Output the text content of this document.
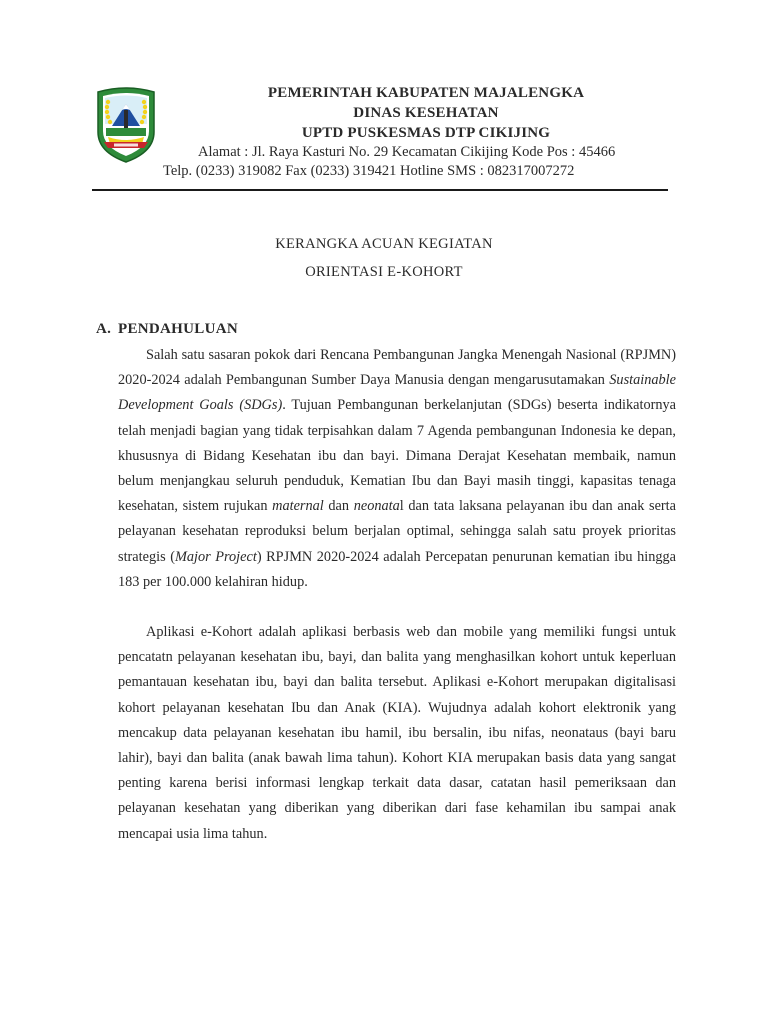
PEMERINTAH KABUPATEN MAJALENGKA
DINAS KESEHATAN
UPTD PUSKESMAS DTP CIKIJING
Alamat : Jl. Raya Kasturi No. 29 Kecamatan Cikijing Kode Pos : 45466
Telp. (0233) 319082 Fax (0233) 319421 Hotline SMS : 082317007272
KERANGKA ACUAN KEGIATAN
ORIENTASI E-KOHORT
A. PENDAHULUAN

Salah satu sasaran pokok dari Rencana Pembangunan Jangka Menengah Nasional (RPJMN) 2020-2024 adalah Pembangunan Sumber Daya Manusia dengan mengarusutamakan Sustainable Development Goals (SDGs). Tujuan Pembangunan berkelanjutan (SDGs) beserta indikatornya telah menjadi bagian yang tidak terpisahkan dalam 7 Agenda pembangunan Indonesia ke depan, khususnya di Bidang Kesehatan ibu dan bayi. Dimana Derajat Kesehatan membaik, namun belum menjangkau seluruh penduduk, Kematian Ibu dan Bayi masih tinggi, kapasitas tenaga kesehatan, sistem rujukan maternal dan neonatal dan tata laksana pelayanan ibu dan anak serta pelayanan kesehatan reproduksi belum berjalan optimal, sehingga salah satu proyek prioritas strategis (Major Project) RPJMN 2020-2024 adalah Percepatan penurunan kematian ibu hingga 183 per 100.000 kelahiran hidup.

Aplikasi e-Kohort adalah aplikasi berbasis web dan mobile yang memiliki fungsi untuk pencatatn pelayanan kesehatan ibu, bayi, dan balita yang menghasilkan kohort untuk keperluan pemantauan kesehatan ibu, bayi dan balita tersebut. Aplikasi e-Kohort merupakan digitalisasi kohort pelayanan kesehatan Ibu dan Anak (KIA). Wujudnya adalah kohort elektronik yang mencakup data pelayanan kesehatan ibu hamil, ibu bersalin, ibu nifas, neonataus (bayi baru lahir), bayi dan balita (anak bawah lima tahun). Kohort KIA merupakan basis data yang sangat penting karena berisi informasi lengkap terkait data dasar, catatan hasil pemeriksaan dan pelayanan kesehatan yang diberikan yang diberikan dari fase kehamilan ibu sampai anak mencapai usia lima tahun.
